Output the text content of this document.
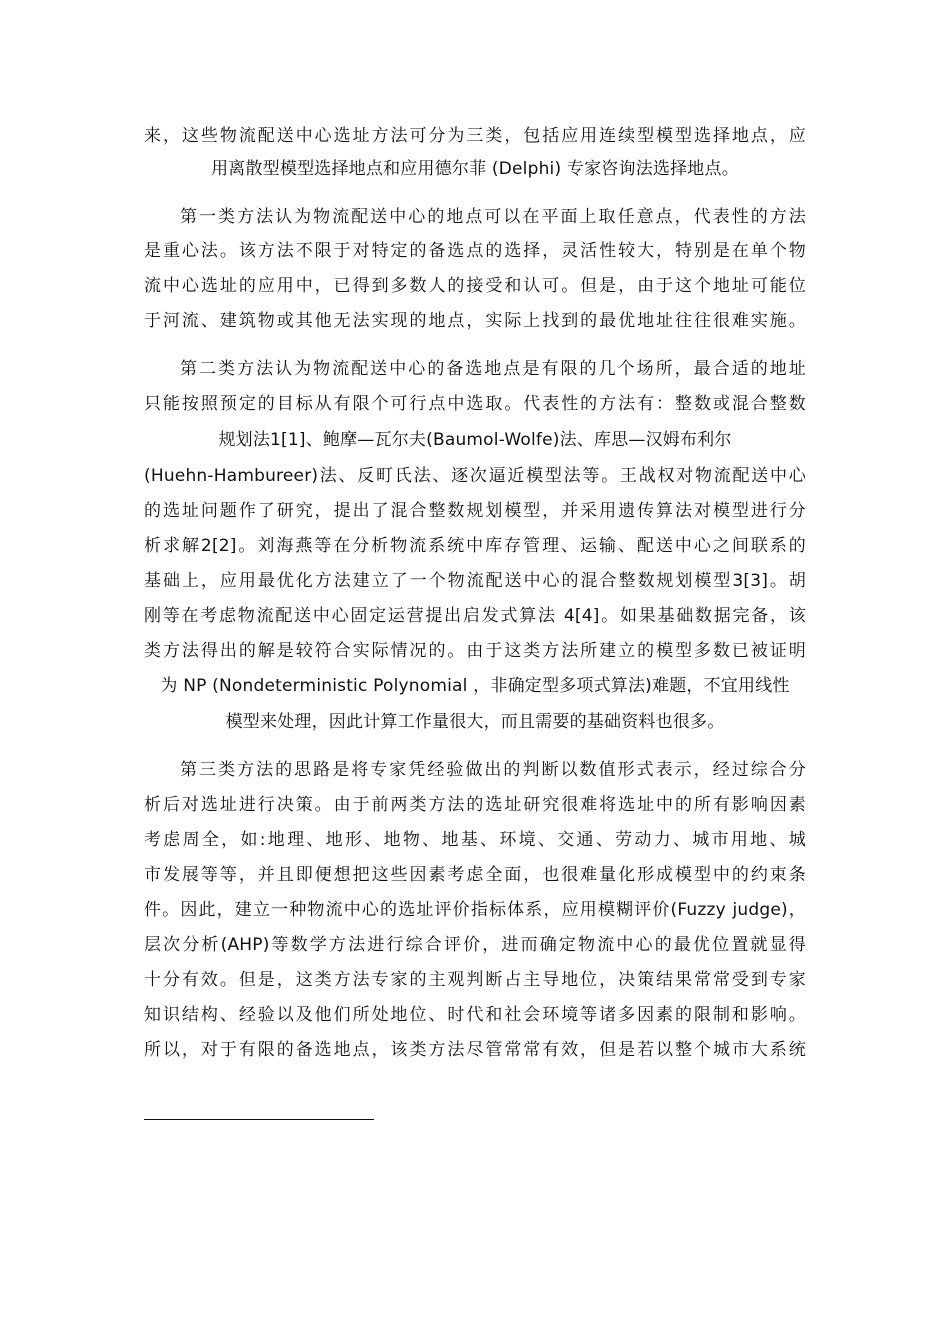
来，这些物流配送中心选址方法可分为三类，包括应用连续型模型选择地点，应
用离散型模型选择地点和应用德尔菲 (Delphi) 专家咨询法选择地点。
第一类方法认为物流配送中心的地点可以在平面上取任意点，代表性的方法
是重心法。该方法不限于对特定的备选点的选择，灵活性较大，特别是在单个物
流中心选址的应用中，已得到多数人的接受和认可。但是，由于这个地址可能位
于河流、建筑物或其他无法实现的地点，实际上找到的最优地址往往很难实施。
第二类方法认为物流配送中心的备选地点是有限的几个场所，最合适的地址
只能按照预定的目标从有限个可行点中选取。代表性的方法有：整数或混合整数
规划法1[1]、鲍摩—瓦尔夫(Baumol-Wolfe)法、库思—汉姆布利尔
(Huehn-Hambureer)法、反町氏法、逐次逼近模型法等。王战权对物流配送中心
的选址问题作了研究，提出了混合整数规划模型，并采用遗传算法对模型进行分
析求解2[2]。刘海燕等在分析物流系统中库存管理、运输、配送中心之间联系的
基础上，应用最优化方法建立了一个物流配送中心的混合整数规划模型3[3]。胡
刚等在考虑物流配送中心固定运营提出启发式算法 4[4]。如果基础数据完备，该
类方法得出的解是较符合实际情况的。由于这类方法所建立的模型多数已被证明
为 NP (Nondeterministic Polynomial ，非确定型多项式算法)难题，不宜用线性
模型来处理，因此计算工作量很大，而且需要的基础资料也很多。
第三类方法的思路是将专家凭经验做出的判断以数值形式表示，经过综合分
析后对选址进行决策。由于前两类方法的选址研究很难将选址中的所有影响因素
考虑周全，如:地理、地形、地物、地基、环境、交通、劳动力、城市用地、城
市发展等等，并且即便想把这些因素考虑全面，也很难量化形成模型中的约束条
件。因此，建立一种物流中心的选址评价指标体系，应用模糊评价(Fuzzy judge)，
层次分析(AHP)等数学方法进行综合评价，进而确定物流中心的最优位置就显得
十分有效。但是，这类方法专家的主观判断占主导地位，决策结果常常受到专家
知识结构、经验以及他们所处地位、时代和社会环境等诸多因素的限制和影响。
所以，对于有限的备选地点，该类方法尽管常常有效，但是若以整个城市大系统
